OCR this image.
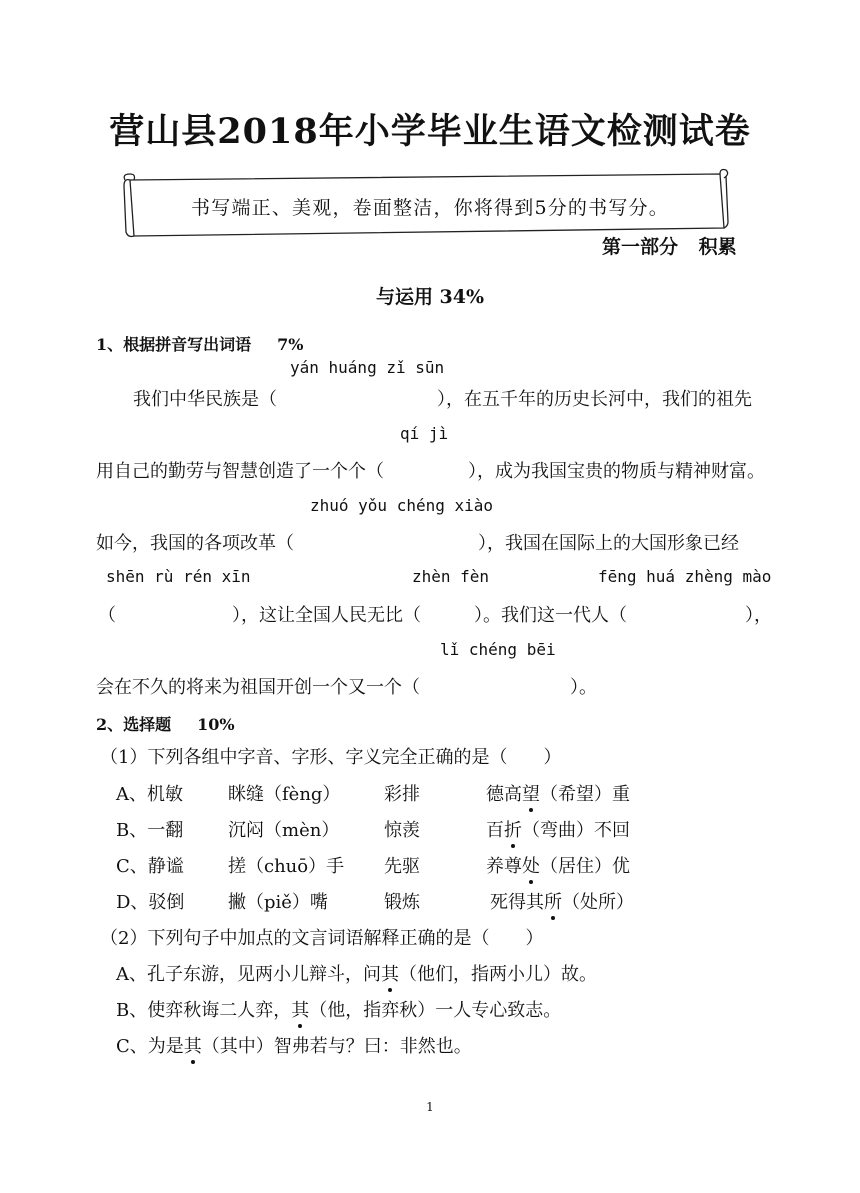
营山县2018年小学毕业生语文检测试卷
书写端正、美观，卷面整洁，你将得到5分的书写分。
第一部分 积累
与运用 34%
1、根据拼音写出词语 7%
yán huáng zǐ sūn
我们中华民族是（	），在五千年的历史长河中，我们的祖先
qí jì
用自己的勤劳与智慧创造了一个个（	），成为我国宝贵的物质与精神财富。
zhuó yǒu chéng xiào
如今，我国的各项改革（	），我国在国际上的大国形象已经
shēn rù rén xīn	zhèn fèn	fēng huá zhèng mào
（	），这让全国人民无比（	）。我们这一代人（	），
lǐ chéng bēi
会在不久的将来为祖国开创一个又一个（	）。
2、选择题 10%
（1）下列各组中字音、字形、字义完全正确的是（　　）
A、机敏	眯缝（fèng） 彩排	德高望（希望）重
B、一翻 沉闷（mèn） 惊羡	百折（弯曲）不回
C、静谧 搓（chuō）手 先驱	养尊处（居住）优
D、驳倒 撇（piě）嘴	锻炼	死得其所（处所）
（2）下列句子中加点的文言词语解释正确的是（　　）
A、孔子东游，见两小儿辩斗，问其（他们，指两小儿）故。
B、使弈秋诲二人弈，其（他，指弈秋）一人专心致志。
C、为是其（其中）智弗若与？曰：非然也。
1
